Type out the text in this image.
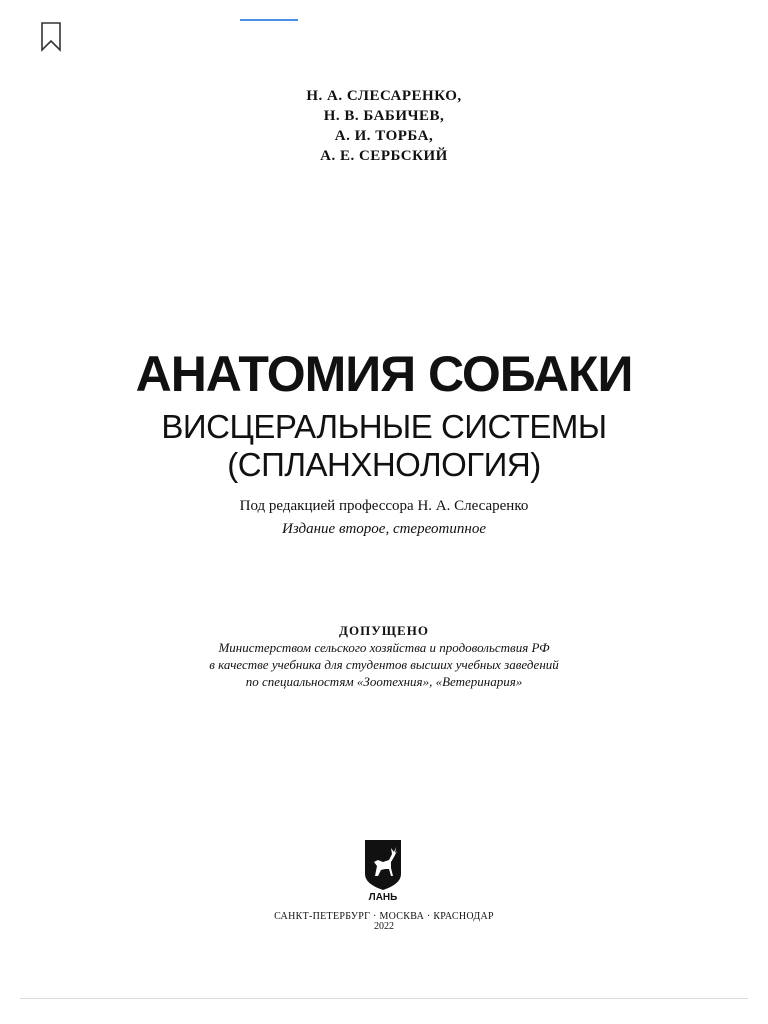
Н. А. СЛЕСАРЕНКО,
Н. В. БАБИЧЕВ,
А. И. ТОРБА,
А. Е. СЕРБСКИЙ
АНАТОМИЯ СОБАКИ
ВИСЦЕРАЛЬНЫЕ СИСТЕМЫ
(СПЛАНХНОЛОГИЯ)
Под редакцией профессора Н. А. Слесаренко
Издание второе, стереотипное
ДОПУЩЕНО
Министерством сельского хозяйства и продовольствия РФ
в качестве учебника для студентов высших учебных заведений
по специальностям «Зоотехния», «Ветеринария»
ЛАНЬ
САНКТ-ПЕТЕРБУРГ · МОСКВА · КРАСНОДАР
2022
